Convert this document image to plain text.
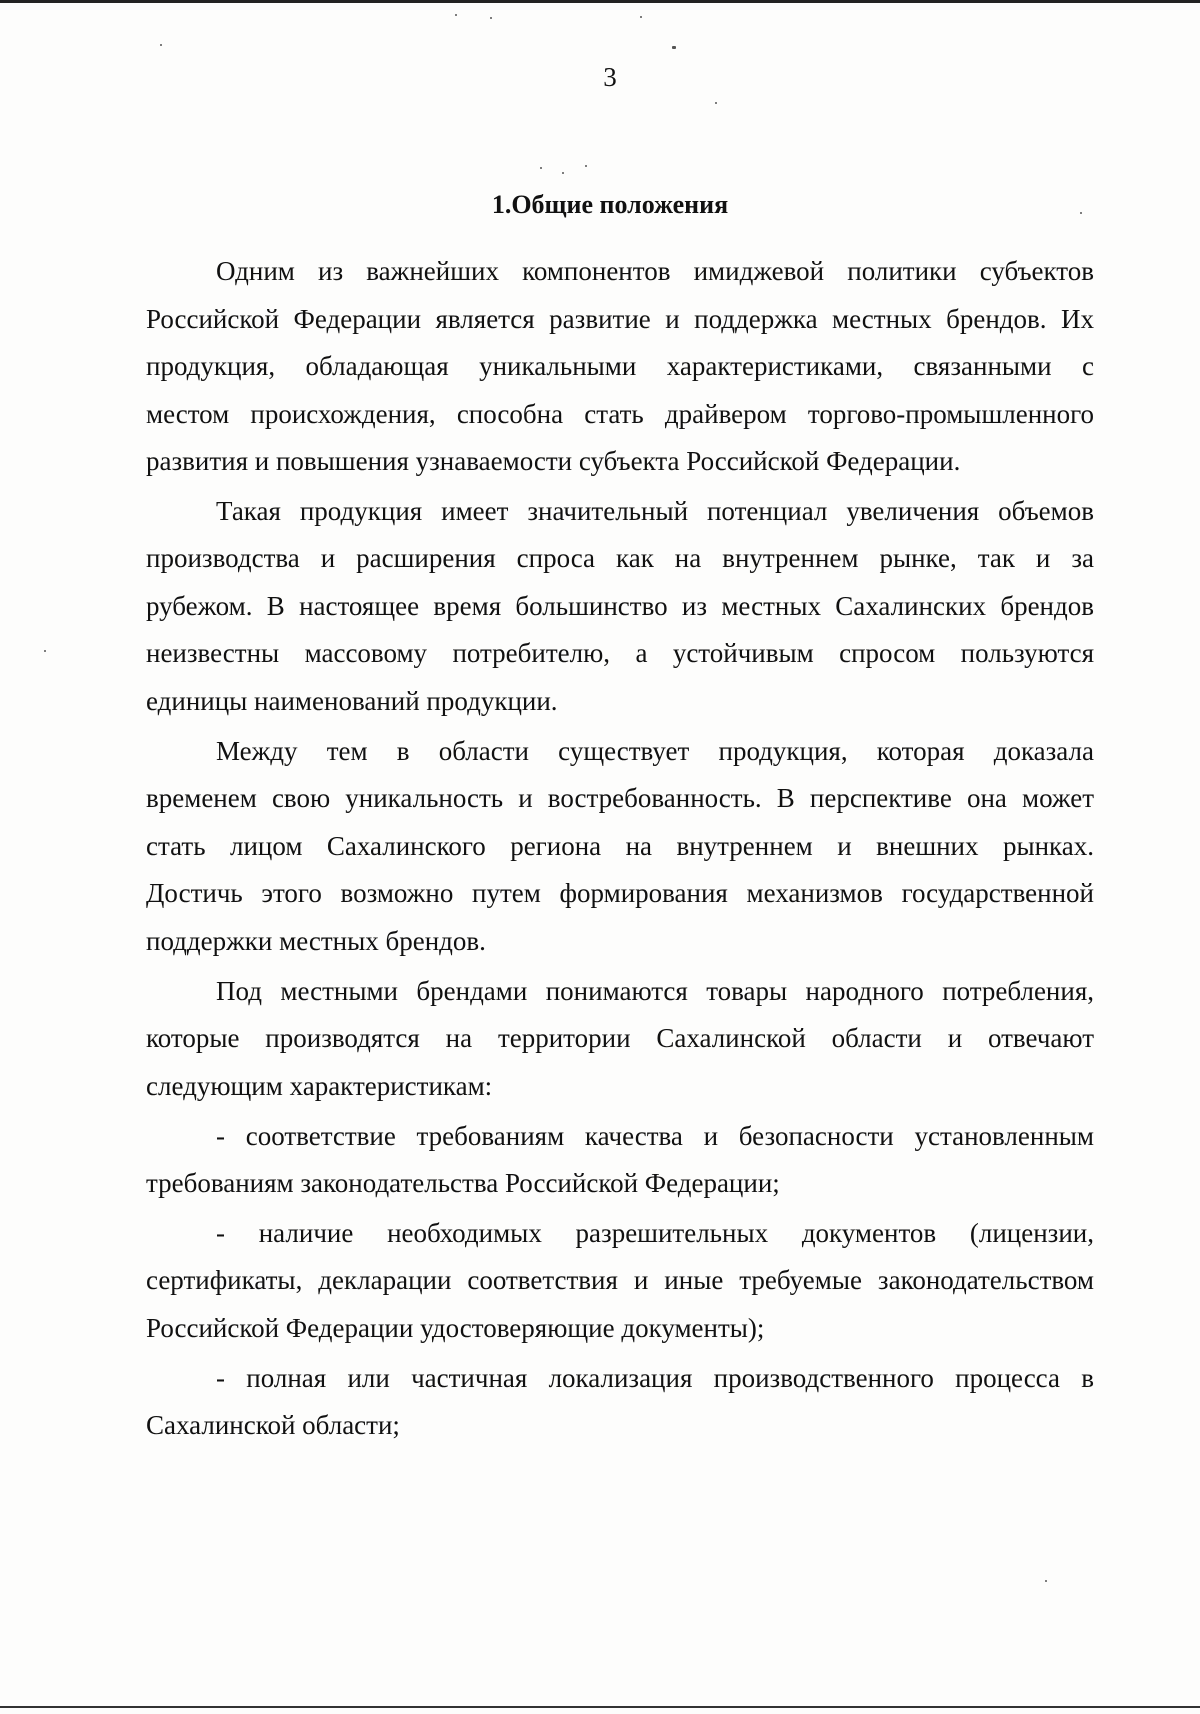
3
1.Общие положения
Одним из важнейших компонентов имиджевой политики субъектов
Российской Федерации является развитие и поддержка местных брендов. Их
продукция, обладающая уникальными характеристиками, связанными с
местом происхождения, способна стать драйвером торгово-промышленного
развития и повышения узнаваемости субъекта Российской Федерации.
Такая продукция имеет значительный потенциал увеличения объемов
производства и расширения спроса как на внутреннем рынке, так и за
рубежом. В настоящее время большинство из местных Сахалинских брендов
неизвестны массовому потребителю, а устойчивым спросом пользуются
единицы наименований продукции.
Между тем в области существует продукция, которая доказала
временем свою уникальность и востребованность. В перспективе она может
стать лицом Сахалинского региона на внутреннем и внешних рынках.
Достичь этого возможно путем формирования механизмов государственной
поддержки местных брендов.
Под местными брендами понимаются товары народного потребления,
которые производятся на территории Сахалинской области и отвечают
следующим характеристикам:
- соответствие требованиям качества и безопасности установленным
требованиям законодательства Российской Федерации;
- наличие необходимых разрешительных документов (лицензии,
сертификаты, декларации соответствия и иные требуемые законодательством
Российской Федерации удостоверяющие документы);
- полная или частичная локализация производственного процесса в
Сахалинской области;
